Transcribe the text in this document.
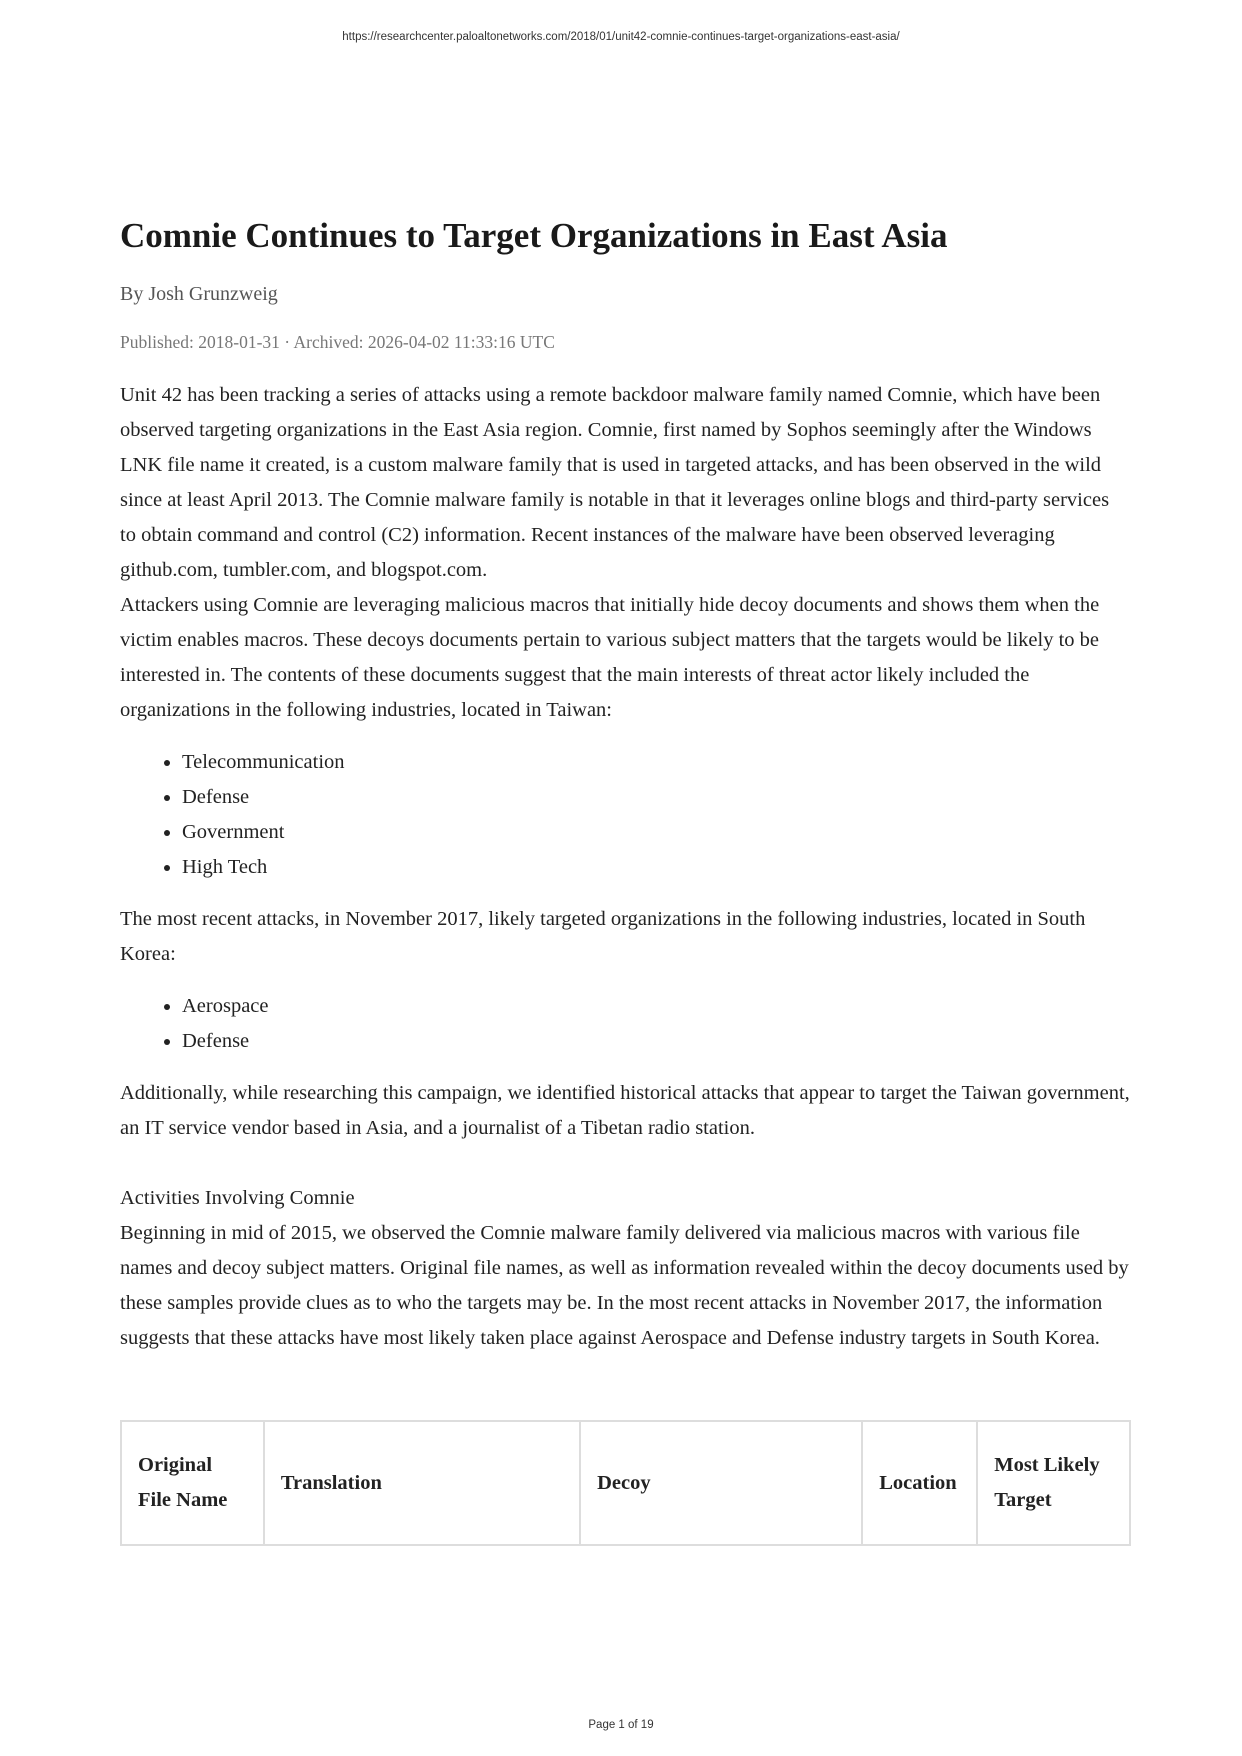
https://researchcenter.paloaltonetworks.com/2018/01/unit42-comnie-continues-target-organizations-east-asia/

Comnie Continues to Target Organizations in East Asia

By Josh Grunzweig

Published: 2018-01-31 · Archived: 2026-04-02 11:33:16 UTC

Unit 42 has been tracking a series of attacks using a remote backdoor malware family named Comnie, which have been observed targeting organizations in the East Asia region. Comnie, first named by Sophos seemingly after the Windows LNK file name it created, is a custom malware family that is used in targeted attacks, and has been observed in the wild since at least April 2013. The Comnie malware family is notable in that it leverages online blogs and third-party services to obtain command and control (C2) information. Recent instances of the malware have been observed leveraging github.com, tumbler.com, and blogspot.com.

Attackers using Comnie are leveraging malicious macros that initially hide decoy documents and shows them when the victim enables macros. These decoys documents pertain to various subject matters that the targets would be likely to be interested in. The contents of these documents suggest that the main interests of threat actor likely included the organizations in the following industries, located in Taiwan:

• Telecommunication
• Defense
• Government
• High Tech

The most recent attacks, in November 2017, likely targeted organizations in the following industries, located in South Korea:

• Aerospace
• Defense

Additionally, while researching this campaign, we identified historical attacks that appear to target the Taiwan government, an IT service vendor based in Asia, and a journalist of a Tibetan radio station.

Activities Involving Comnie

Beginning in mid of 2015, we observed the Comnie malware family delivered via malicious macros with various file names and decoy subject matters. Original file names, as well as information revealed within the decoy documents used by these samples provide clues as to who the targets may be. In the most recent attacks in November 2017, the information suggests that these attacks have most likely taken place against Aerospace and Defense industry targets in South Korea.

Original File Name	Translation	Decoy	Location	Most Likely Target

Page 1 of 19
